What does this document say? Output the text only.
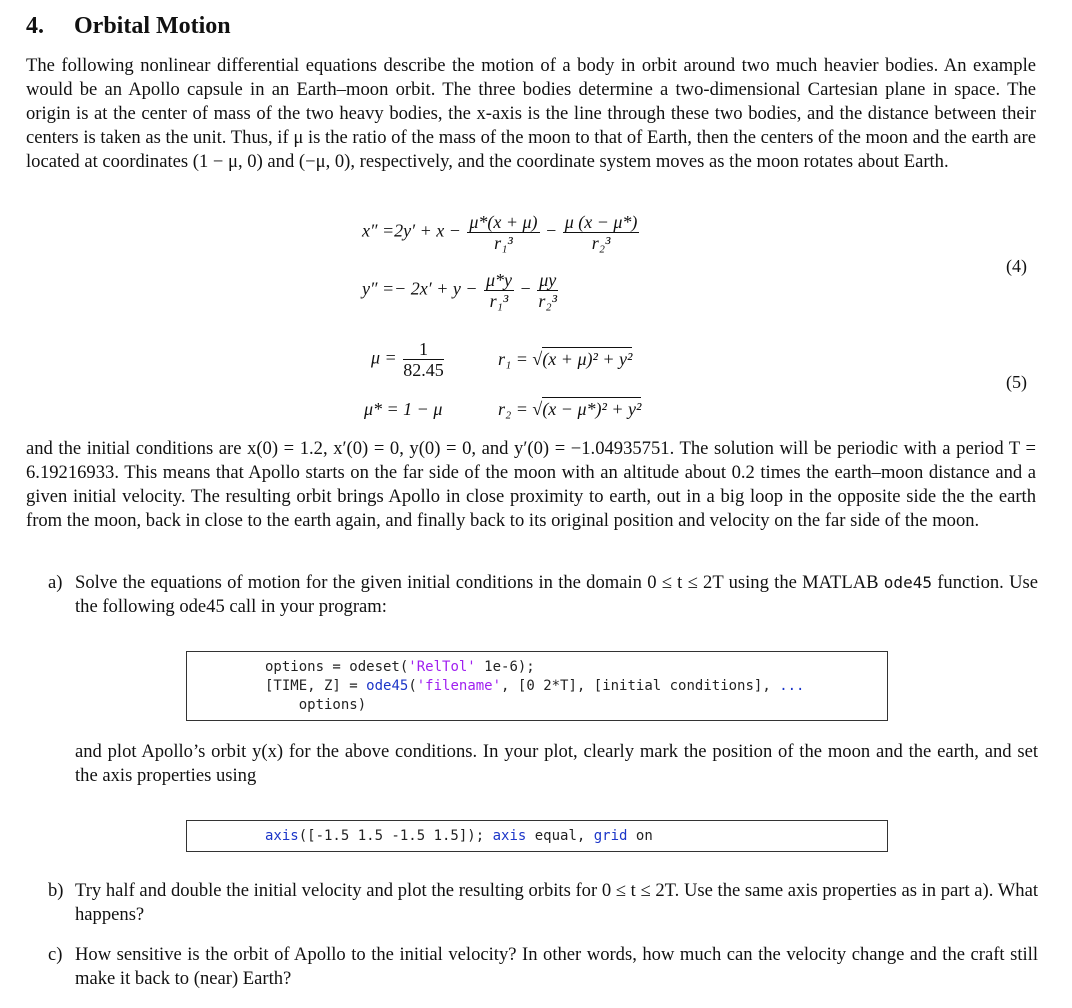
4. Orbital Motion
The following nonlinear differential equations describe the motion of a body in orbit around two much heavier bodies. An example would be an Apollo capsule in an Earth–moon orbit. The three bodies determine a two-dimensional Cartesian plane in space. The origin is at the center of mass of the two heavy bodies, the x-axis is the line through these two bodies, and the distance between their centers is taken as the unit. Thus, if μ is the ratio of the mass of the moon to that of Earth, then the centers of the moon and the earth are located at coordinates (1 − μ, 0) and (−μ, 0), respectively, and the coordinate system moves as the moon rotates about Earth.
$x'' =2y' + x - \frac{\mu*(x + \mu)}{\text{r₁³}} - \frac{\mu (x - \mu*)}{\text{r₂³}}$
(4)
$y'' =- 2x' + y - \frac{\mu*y}{\text{r₁³}} - \frac{\mu y}{\text{r₂³}}$
$\mu = \frac{1}{82.45}$	r₁ = √(x + μ)² + y²
(5)
μ* = 1 − μ	r₂ = √(x − μ*)² + y²
and the initial conditions are x(0) = 1.2, x′(0) = 0, y(0) = 0, and y′(0) = −1.04935751. The solution will be periodic with a period T = 6.19216933. This means that Apollo starts on the far side of the moon with an altitude about 0.2 times the earth–moon distance and a given initial velocity. The resulting orbit brings Apollo in close proximity to earth, out in a big loop in the opposite side the the earth from the moon, back in close to the earth again, and finally back to its original position and velocity on the far side of the moon.
a) Solve the equations of motion for the given initial conditions in the domain 0 ≤ t ≤ 2T using the MATLAB ode45 function. Use the following ode45 call in your program:
options = odeset('RelTol' 1e-6);
[TIME, Z] = ode45('filename', [0 2*T], [initial conditions], ...
options)
and plot Apollo’s orbit y(x) for the above conditions. In your plot, clearly mark the position of the moon and the earth, and set the axis properties using
axis([-1.5 1.5 -1.5 1.5]); axis equal, grid on
b) Try half and double the initial velocity and plot the resulting orbits for 0 ≤ t ≤ 2T. Use the same axis properties as in part a). What happens?
c) How sensitive is the orbit of Apollo to the initial velocity? In other words, how much can the velocity change and the craft still make it back to (near) Earth?
